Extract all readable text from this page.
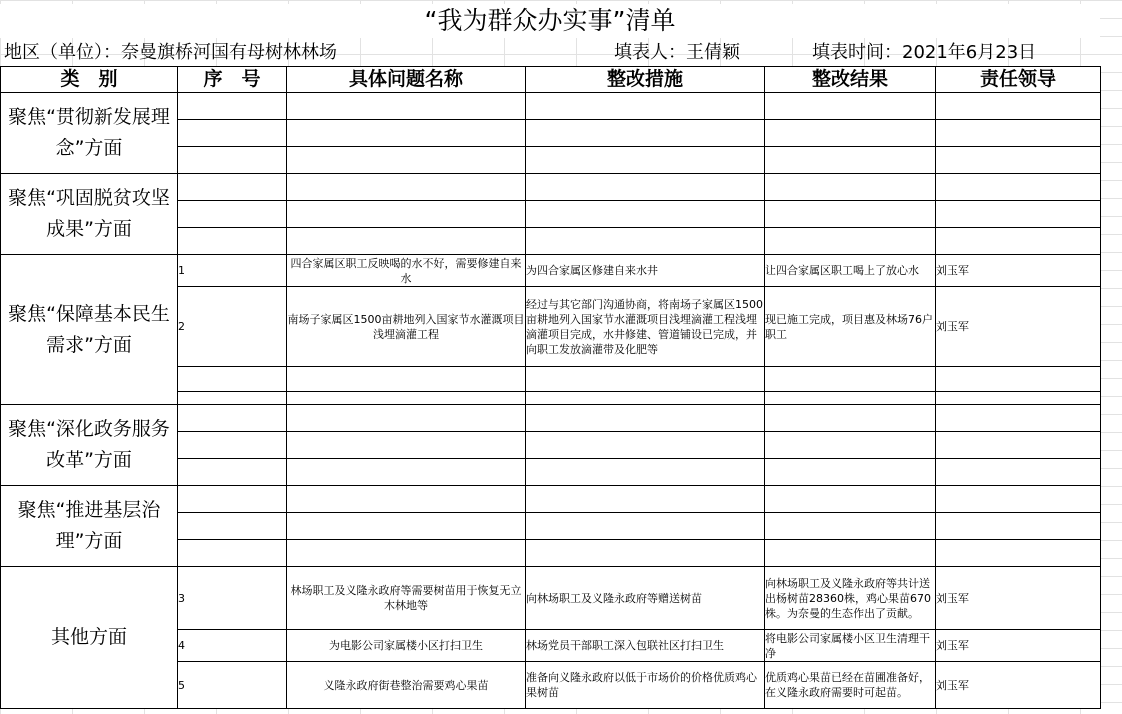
“我为群众办实事”清单
地区（单位）：奈曼旗桥河国有母树林林场	填表人：王倩颖	填表时间：2021年6月23日
类　别	序　号	具体问题名称	整改措施	整改结果	责任领导
聚焦“贯彻新发展理念”方面					

聚焦“巩固脱贫攻坚成果”方面					

聚焦“保障基本民生需求”方面	1	四合家属区职工反映喝的水不好，需要修建自来水	为四合家属区修建自来水井	让四合家属区职工喝上了放心水	刘玉军
	2	南场子家属区1500亩耕地列入国家节水灌溉项目浅埋滴灌工程	经过与其它部门沟通协商，将南场子家属区1500亩耕地列入国家节水灌溉项目浅埋滴灌工程浅埋滴灌项目完成，水井修建、管道铺设已完成，并向职工发放滴灌带及化肥等	现已施工完成，项目惠及林场76户职工	刘玉军

聚焦“深化政务服务改革”方面					

聚焦“推进基层治理”方面					

其他方面	3	林场职工及义隆永政府等需要树苗用于恢复无立木林地等	向林场职工及义隆永政府等赠送树苗	向林场职工及义隆永政府等共计送出杨树苗28360株，鸡心果苗670株。为奈曼的生态作出了贡献。	刘玉军
	4	为电影公司家属楼小区打扫卫生	林场党员干部职工深入包联社区打扫卫生	将电影公司家属楼小区卫生清理干净	刘玉军
	5	义隆永政府街巷整治需要鸡心果苗	准备向义隆永政府以低于市场价的价格优质鸡心果树苗	优质鸡心果苗已经在苗圃准备好，在义隆永政府需要时可起苗。	刘玉军
